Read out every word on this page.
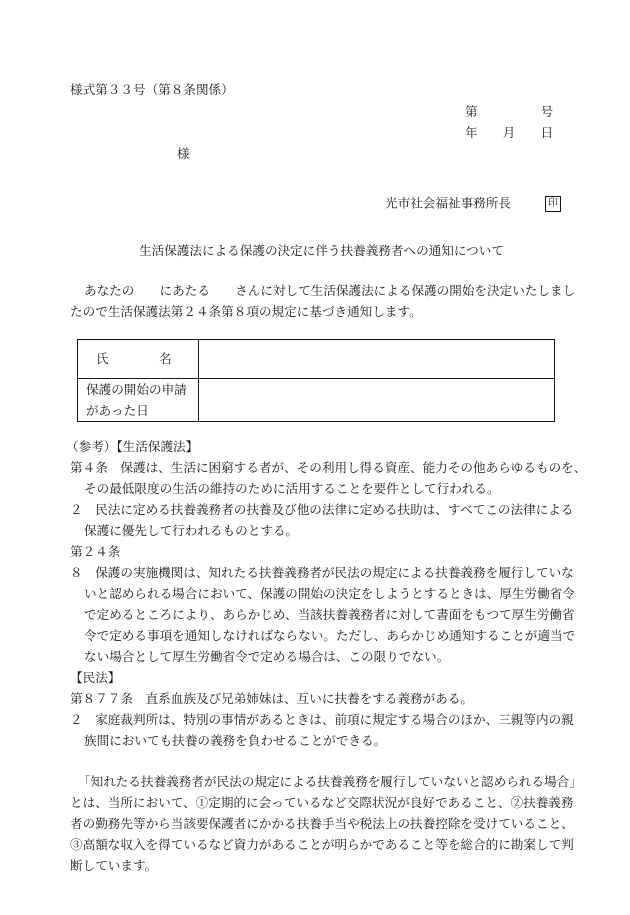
様式第３３号（第８条関係）
第　　　　　号
年　　月　　日
様
光市社会福祉事務所長	印
生活保護法による保護の決定に伴う扶養義務者への通知について
あなたの　　にあたる　　さんに対して生活保護法による保護の開始を決定いたしまし
たので生活保護法第２４条第８項の規定に基づき通知します。
氏　　　　名	

保護の開始の申請
があった日	

（参考）【生活保護法】
第４条　保護は、生活に困窮する者が、その利用し得る資産、能力その他あらゆるものを、
その最低限度の生活の維持のために活用することを要件として行われる。
２　民法に定める扶養義務者の扶養及び他の法律に定める扶助は、すべてこの法律による
保護に優先して行われるものとする。
第２４条
８　保護の実施機関は、知れたる扶養義務者が民法の規定による扶養義務を履行していな
いと認められる場合において、保護の開始の決定をしようとするときは、厚生労働省令
で定めるところにより、あらかじめ、当該扶養義務者に対して書面をもつて厚生労働省
令で定める事項を通知しなければならない。ただし、あらかじめ通知することが適当で
ない場合として厚生労働省令で定める場合は、この限りでない。
【民法】
第８７７条　直系血族及び兄弟姉妹は、互いに扶養をする義務がある。
２　家庭裁判所は、特別の事情があるときは、前項に規定する場合のほか、三親等内の親
族間においても扶養の義務を負わせることができる。
「知れたる扶養義務者が民法の規定による扶養義務を履行していないと認められる場合」
とは、当所において、①定期的に会っているなど交際状況が良好であること、②扶養義務
者の勤務先等から当該要保護者にかかる扶養手当や税法上の扶養控除を受けていること、
③高額な収入を得ているなど資力があることが明らかであること等を総合的に勘案して判
断しています。
